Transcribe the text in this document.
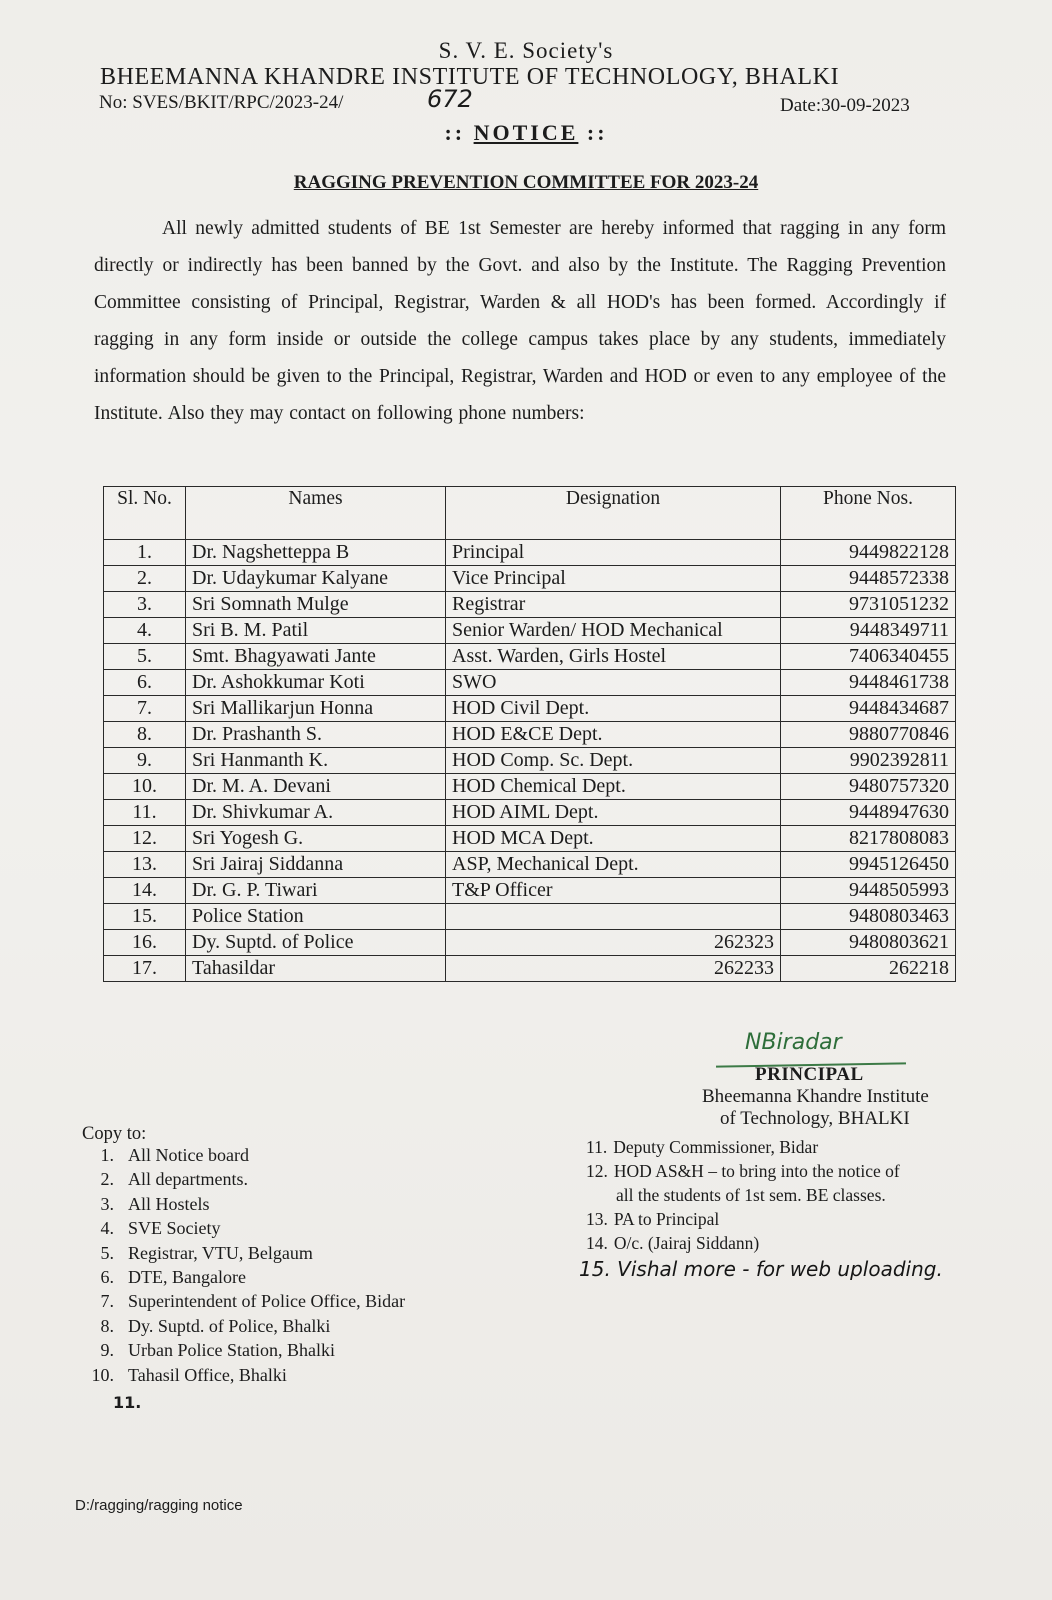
S. V. E. Society's
BHEEMANNA KHANDRE INSTITUTE OF TECHNOLOGY, BHALKI
No: SVES/BKIT/RPC/2023-24/	672	Date:30-09-2023
:: NOTICE ::
RAGGING PREVENTION COMMITTEE FOR 2023-24
All newly admitted students of BE 1st Semester are hereby informed that ragging in any form directly or indirectly has been banned by the Govt. and also by the Institute. The Ragging Prevention Committee consisting of Principal, Registrar, Warden & all HOD's has been formed. Accordingly if ragging in any form inside or outside the college campus takes place by any students, immediately information should be given to the Principal, Registrar, Warden and HOD or even to any employee of the Institute. Also they may contact on following phone numbers:
Sl. No.	Names	Designation	Phone Nos.
1.	Dr. Nagshetteppa B	Principal	9449822128
2.	Dr. Udaykumar Kalyane	Vice Principal	9448572338
3.	Sri Somnath Mulge	Registrar	9731051232
4.	Sri B. M. Patil	Senior Warden/ HOD Mechanical	9448349711
5.	Smt. Bhagyawati Jante	Asst. Warden, Girls Hostel	7406340455
6.	Dr. Ashokkumar Koti	SWO	9448461738
7.	Sri Mallikarjun Honna	HOD Civil Dept.	9448434687
8.	Dr. Prashanth S.	HOD E&CE Dept.	9880770846
9.	Sri Hanmanth K.	HOD Comp. Sc. Dept.	9902392811
10.	Dr. M. A. Devani	HOD Chemical Dept.	9480757320
11.	Dr. Shivkumar A.	HOD AIML Dept.	9448947630
12.	Sri Yogesh G.	HOD MCA Dept.	8217808083
13.	Sri Jairaj Siddanna	ASP, Mechanical Dept.	9945126450
14.	Dr. G. P. Tiwari	T&P Officer	9448505993
15.	Police Station		9480803463
16.	Dy. Suptd. of Police	262323	9480803621
17.	Tahasildar	262233	262218
NBiradar
PRINCIPAL
Bheemanna Khandre Institute
of Technology, BHALKI
Copy to:
1. All Notice board
2. All departments.
3. All Hostels
4. SVE Society
5. Registrar, VTU, Belgaum
6. DTE, Bangalore
7. Superintendent of Police Office, Bidar
8. Dy. Suptd. of Police, Bhalki
9. Urban Police Station, Bhalki
10. Tahasil Office, Bhalki
11. Deputy Commissioner, Bidar
12. HOD AS&H – to bring into the notice of
all the students of 1st sem. BE classes.
13. PA to Principal
14. O/c. (Jairaj Siddann)
15. Vishal more - for web uploading.
11.
D:/ragging/ragging notice
